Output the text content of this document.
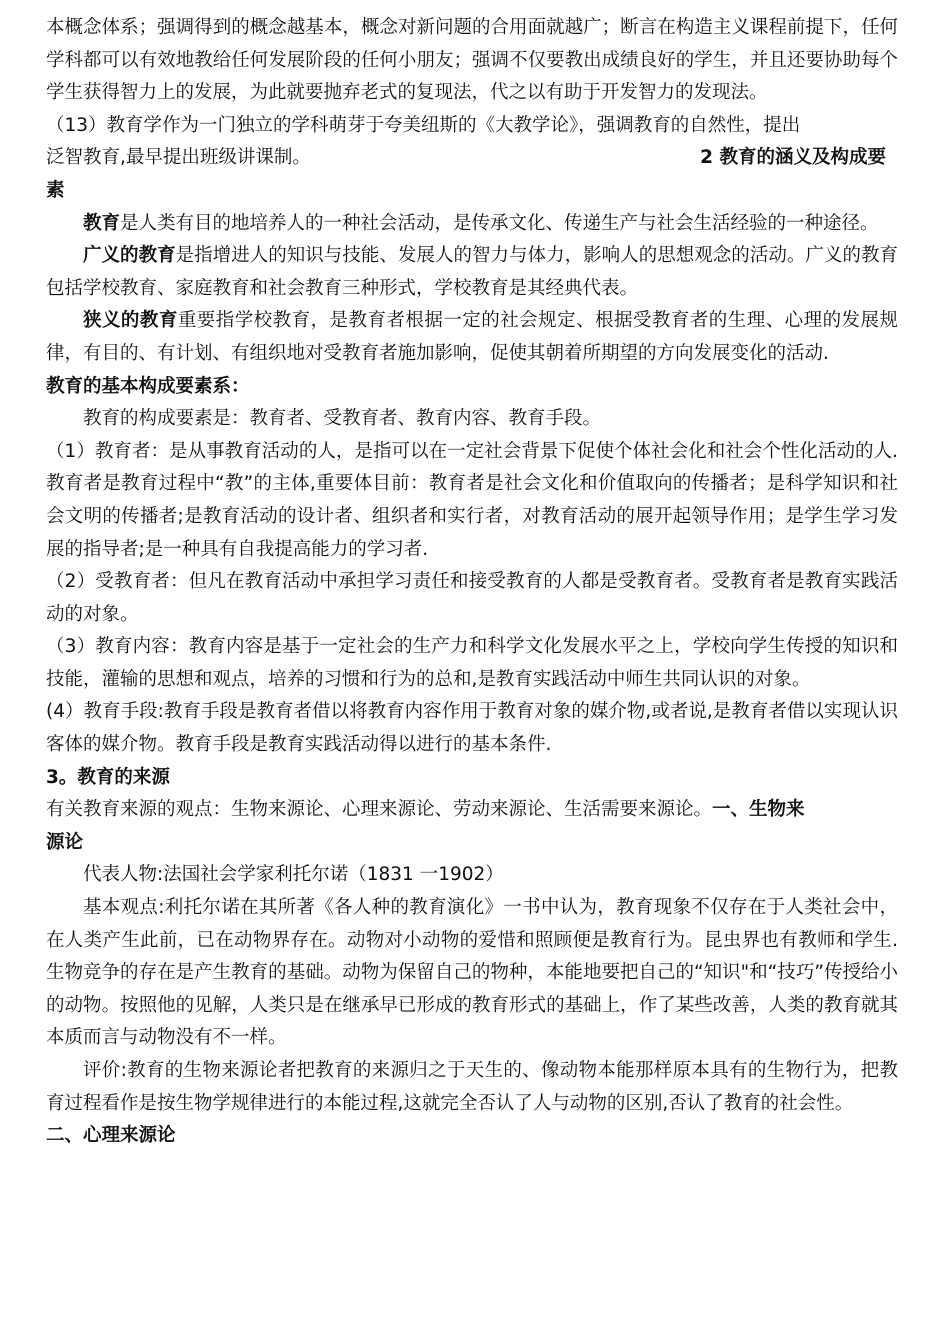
本概念体系；强调得到的概念越基本，概念对新问题的合用面就越广；断言在构造主义课程前提下，任何学科都可以有效地教给任何发展阶段的任何小朋友；强调不仅要教出成绩良好的学生，并且还要协助每个学生获得智力上的发展，为此就要抛弃老式的复现法，代之以有助于开发智力的发现法。

（13）教育学作为一门独立的学科萌芽于夸美纽斯的《大教学论》，强调教育的自然性，提出

泛智教育,最早提出班级讲课制。	2 教育的涵义及构成要

素

教育是人类有目的地培养人的一种社会活动，是传承文化、传递生产与社会生活经验的一种途径。

广义的教育是指增进人的知识与技能、发展人的智力与体力，影响人的思想观念的活动。广义的教育包括学校教育、家庭教育和社会教育三种形式，学校教育是其经典代表。

狭义的教育重要指学校教育，是教育者根据一定的社会规定、根据受教育者的生理、心理的发展规律，有目的、有计划、有组织地对受教育者施加影响，促使其朝着所期望的方向发展变化的活动.

教育的基本构成要素系：

教育的构成要素是：教育者、受教育者、教育内容、教育手段。

（1）教育者：是从事教育活动的人，是指可以在一定社会背景下促使个体社会化和社会个性化活动的人.教育者是教育过程中“教”的主体,重要体目前：教育者是社会文化和价值取向的传播者；是科学知识和社会文明的传播者;是教育活动的设计者、组织者和实行者，对教育活动的展开起领导作用；是学生学习发展的指导者;是一种具有自我提高能力的学习者.

（2）受教育者：但凡在教育活动中承担学习责任和接受教育的人都是受教育者。受教育者是教育实践活动的对象。

（3）教育内容：教育内容是基于一定社会的生产力和科学文化发展水平之上，学校向学生传授的知识和技能，灌输的思想和观点，培养的习惯和行为的总和,是教育实践活动中师生共同认识的对象。

(4）教育手段:教育手段是教育者借以将教育内容作用于教育对象的媒介物,或者说,是教育者借以实现认识客体的媒介物。教育手段是教育实践活动得以进行的基本条件.

3。教育的来源

有关教育来源的观点：生物来源论、心理来源论、劳动来源论、生活需要来源论。一、生物来

源论

代表人物:法国社会学家利托尔诺（1831 一1902）

基本观点:利托尔诺在其所著《各人种的教育演化》一书中认为，教育现象不仅存在于人类社会中，在人类产生此前，已在动物界存在。动物对小动物的爱惜和照顾便是教育行为。昆虫界也有教师和学生.生物竞争的存在是产生教育的基础。动物为保留自己的物种，本能地要把自己的“知识"和“技巧”传授给小的动物。按照他的见解，人类只是在继承早已形成的教育形式的基础上，作了某些改善，人类的教育就其本质而言与动物没有不一样。

评价:教育的生物来源论者把教育的来源归之于天生的、像动物本能那样原本具有的生物行为，把教育过程看作是按生物学规律进行的本能过程,这就完全否认了人与动物的区别,否认了教育的社会性。

二、心理来源论
